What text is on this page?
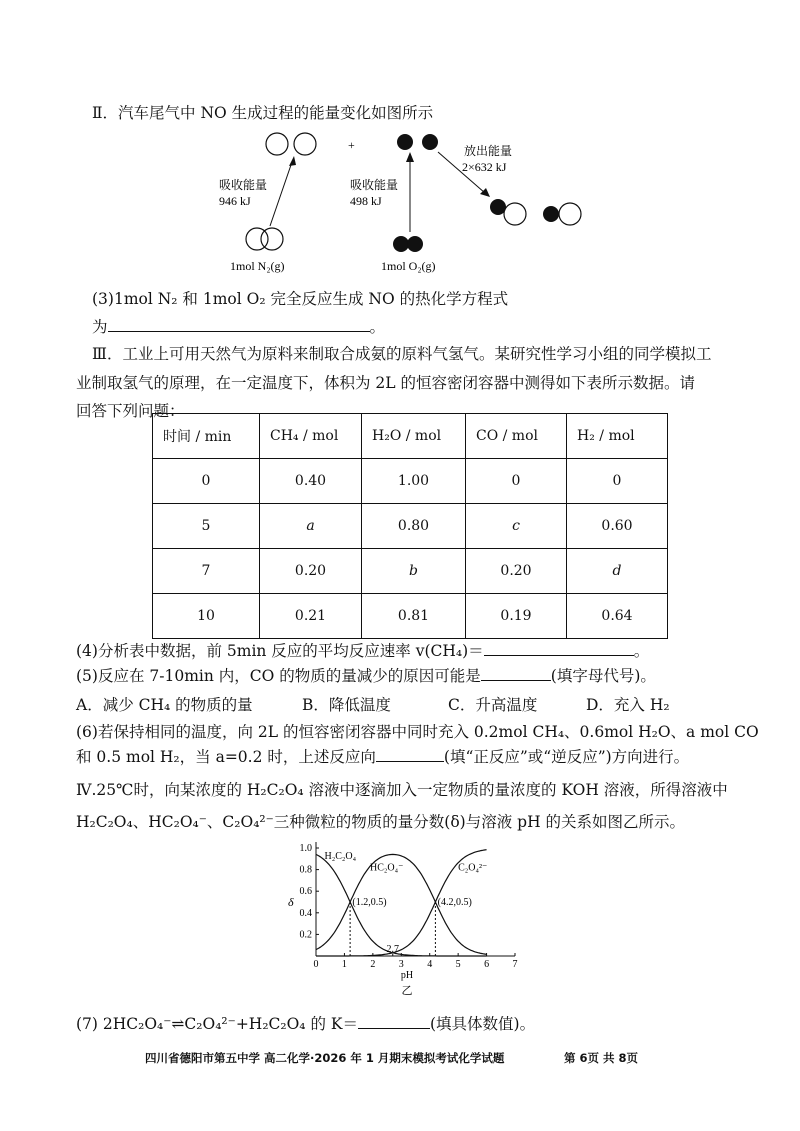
Ⅱ．汽车尾气中 NO 生成过程的能量变化如图所示
+	放出能量
2×632 kJ
吸收能量
946 kJ
1mol N₂(g)
吸收能量
498 kJ
1mol O₂(g)
(3)1mol N₂ 和 1mol O₂ 完全反应生成 NO 的热化学方程式
为	。
Ⅲ．工业上可用天然气为原料来制取合成氨的原料气氢气。某研究性学习小组的同学模拟工
业制取氢气的原理，在一定温度下，体积为 2L 的恒容密闭容器中测得如下表所示数据。请
回答下列问题：
时间 / min	CH₄ / mol	H₂O / mol	CO / mol	H₂ / mol
0	0.40	1.00	0	0
5	a	0.80	c	0.60
7	0.20	b	0.20	d
10	0.21	0.81	0.19	0.64
(4)分析表中数据，前 5min 反应的平均反应速率 v(CH₄)＝	。
(5)反应在 7-10min 内，CO 的物质的量减少的原因可能是	(填字母代号)。
A．减少 CH₄ 的物质的量	B．降低温度	C．升高温度	D．充入 H₂
(6)若保持相同的温度，向 2L 的恒容密闭容器中同时充入 0.2mol CH₄、0.6mol H₂O、a mol CO
和 0.5 mol H₂，当 a=0.2 时，上述反应向	(填“正反应”或“逆反应”)方向进行。
Ⅳ.25℃时，向某浓度的 H₂C₂O₄ 溶液中逐滴加入一定物质的量浓度的 KOH 溶液，所得溶液中
H₂C₂O₄、HC₂O₄⁻、C₂O₄²⁻三种微粒的物质的量分数(δ)与溶液 pH 的关系如图乙所示。
0 1 2 3 4 5 6 7
0.2
0.4
0.6
0.8
1.0
pH
δ
乙
H₂C₂O₄
HC₂O₄⁻	C₂O₄²⁻
(1.2,0.5)	(4.2,0.5)
2.7
(7) 2HC₂O₄⁻⇌C₂O₄²⁻+H₂C₂O₄ 的 K＝	(填具体数值)。
四川省德阳市第五中学 高二化学·2026 年 1 月期末模拟考试化学试题	第 6页 共 8页
